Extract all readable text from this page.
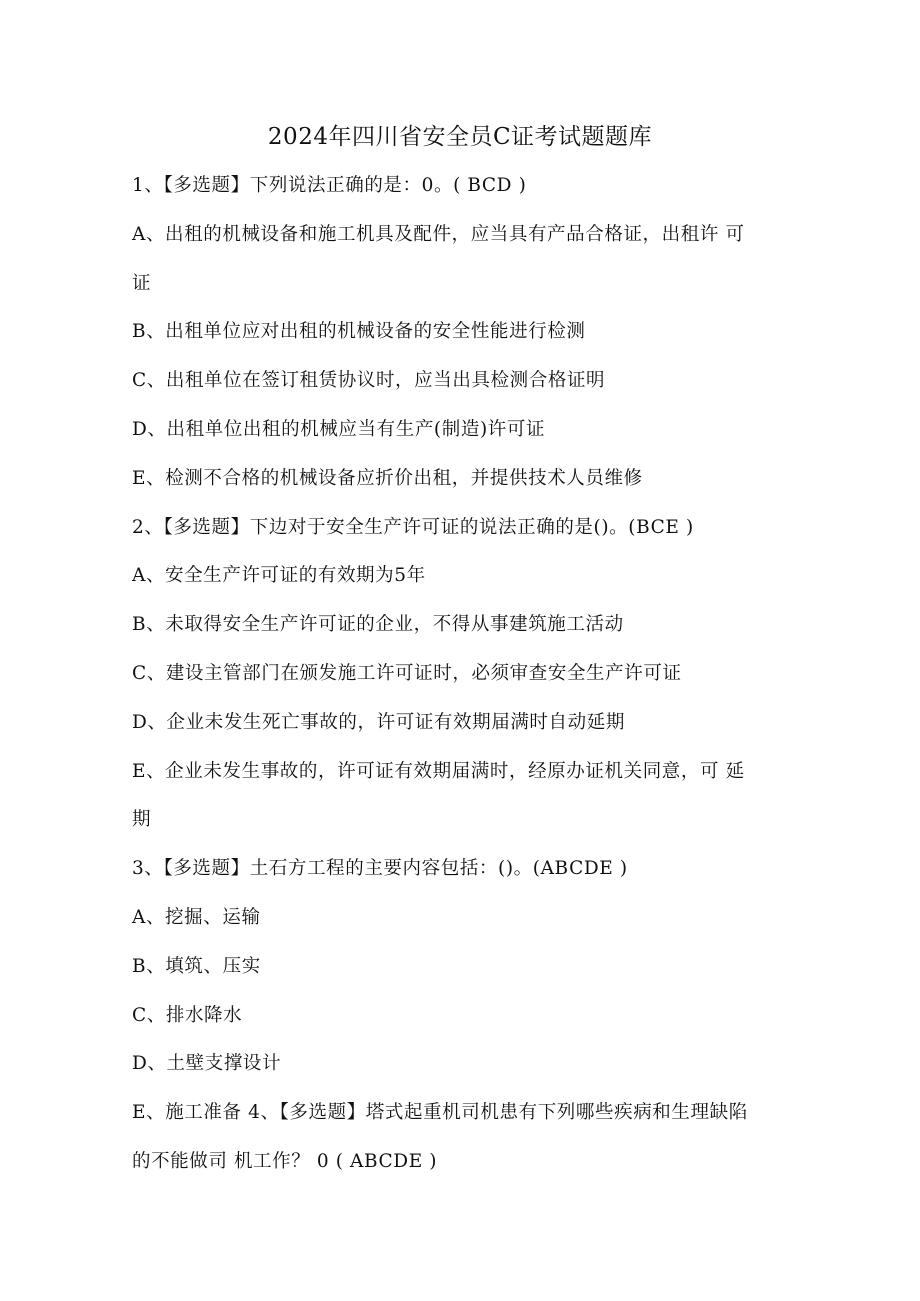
2024年四川省安全员C证考试题题库
1、【多选题】下列说法正确的是：0。( BCD )
A、出租的机械设备和施工机具及配件，应当具有产品合格证，出租许 可
证
B、出租单位应对出租的机械设备的安全性能进行检测
C、出租单位在签订租赁协议时，应当出具检测合格证明
D、出租单位出租的机械应当有生产(制造)许可证
E、检测不合格的机械设备应折价出租，并提供技术人员维修
2、【多选题】下边对于安全生产许可证的说法正确的是()。(BCE )
A、安全生产许可证的有效期为5年
B、未取得安全生产许可证的企业，不得从事建筑施工活动
C、建设主管部门在颁发施工许可证时，必须审查安全生产许可证
D、企业未发生死亡事故的，许可证有效期届满时自动延期
E、企业未发生事故的，许可证有效期届满时，经原办证机关同意，可 延
期
3、【多选题】土石方工程的主要内容包括：()。(ABCDE )
A、挖掘、运输
B、填筑、压实
C、排水降水
D、土壁支撑设计
E、施工准备 4、【多选题】塔式起重机司机患有下列哪些疾病和生理缺陷
的不能做司 机工作？ 0 ( ABCDE )
